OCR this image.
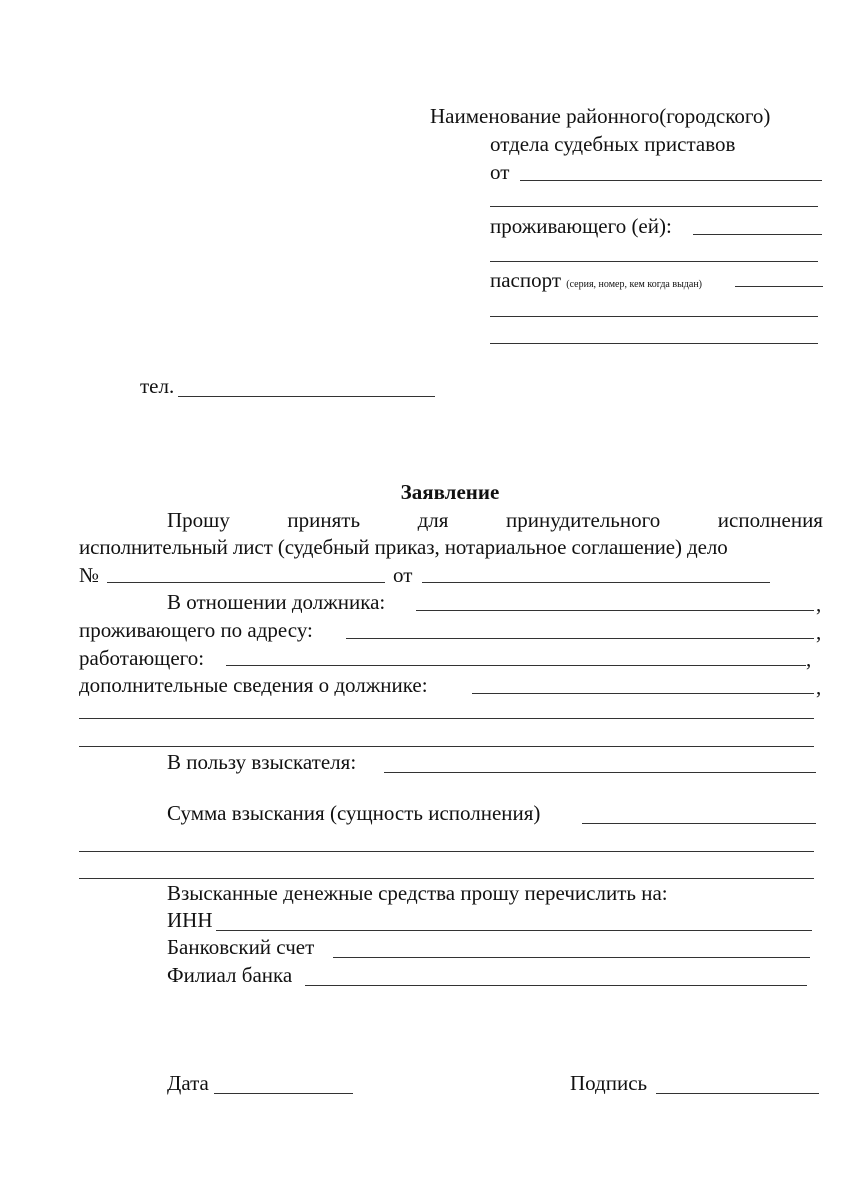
Наименование районного(городского)
отдела судебных приставов
от
проживающего (ей):
паспорт (серия, номер, кем когда выдан)
тел.
Заявление
Прошу	принять	для	принудительного	исполнения
исполнительный лист (судебный приказ, нотариальное соглашение) дело
№	от
В отношении должника:	,
проживающего по адресу:	,
работающего:	,
дополнительные сведения о должнике:	,
В пользу взыскателя:
Сумма взыскания (сущность исполнения)
Взысканные денежные средства прошу перечислить на:
ИНН
Банковский счет
Филиал банка
Дата	Подпись
